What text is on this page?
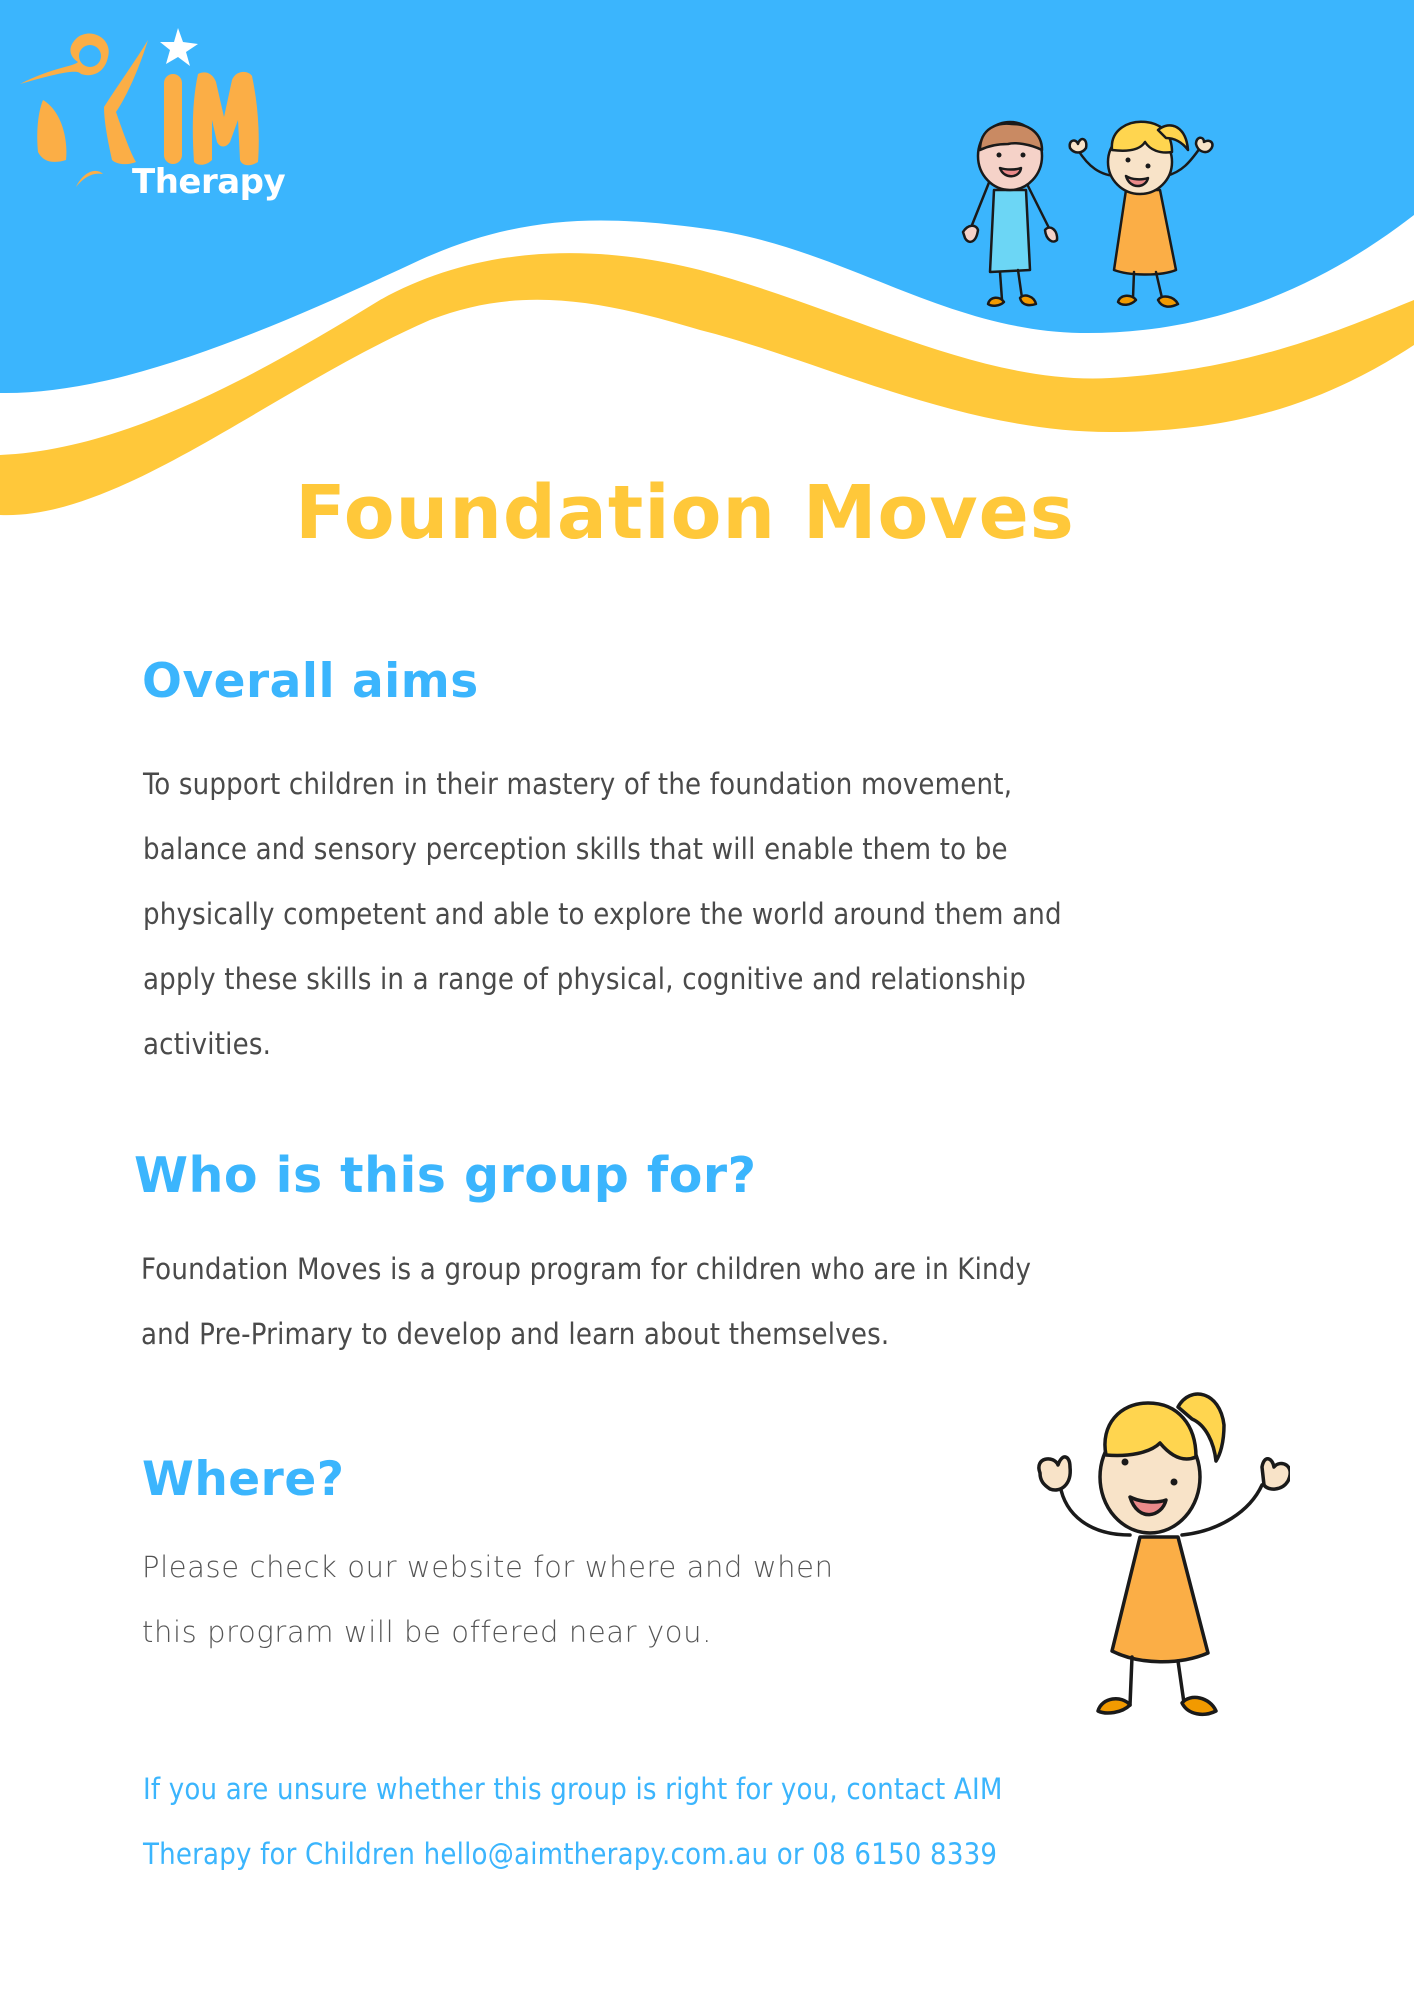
Therapy
Foundation Moves
Overall aims
To support children in their mastery of the foundation movement,
balance and sensory perception skills that will enable them to be
physically competent and able to explore the world around them and
apply these skills in a range of physical, cognitive and relationship
activities.
Who is this group for?
Foundation Moves is a group program for children who are in Kindy
and Pre-Primary to develop and learn about themselves.
Where?
Please check our website for where and when
this program will be offered near you.
If you are unsure whether this group is right for you, contact AIM
Therapy for Children hello@aimtherapy.com.au or 08 6150 8339
